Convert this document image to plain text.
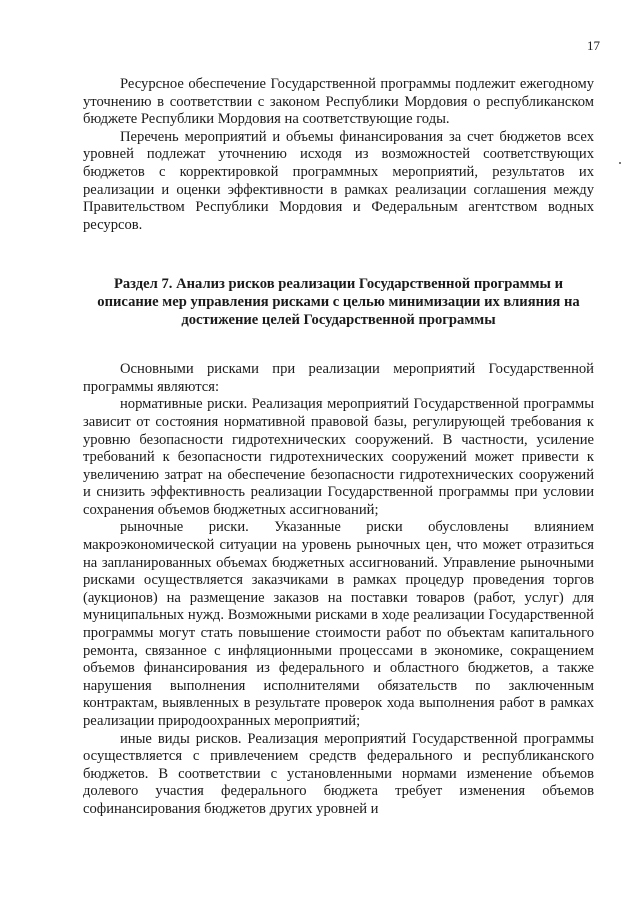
17

Ресурсное обеспечение Государственной программы подлежит ежегодному уточнению в соответствии с законом Республики Мордовия о республиканском бюджете Республики Мордовия на соответствующие годы.

Перечень мероприятий и объемы финансирования за счет бюджетов всех уровней подлежат уточнению исходя из возможностей соответствующих бюджетов с корректировкой программных мероприятий, результатов их реализации и оценки эффективности в рамках реализации соглашения между Правительством Республики Мордовия и Федеральным агентством водных ресурсов.

Раздел 7. Анализ рисков реализации Государственной программы и описание мер управления рисками с целью минимизации их влияния на достижение целей Государственной программы

Основными рисками при реализации мероприятий Государственной программы являются:

нормативные риски. Реализация мероприятий Государственной программы зависит от состояния нормативной правовой базы, регулирующей требования к уровню безопасности гидротехнических сооружений. В частности, усиление требований к безопасности гидротехнических сооружений может привести к увеличению затрат на обеспечение безопасности гидротехнических сооружений и снизить эффективность реализации Государственной программы при условии сохранения объемов бюджетных ассигнований;

рыночные риски. Указанные риски обусловлены влиянием макроэкономической ситуации на уровень рыночных цен, что может отразиться на запланированных объемах бюджетных ассигнований. Управление рыночными рисками осуществляется заказчиками в рамках процедур проведения торгов (аукционов) на размещение заказов на поставки товаров (работ, услуг) для муниципальных нужд. Возможными рисками в ходе реализации Государственной программы могут стать повышение стоимости работ по объектам капитального ремонта, связанное с инфляционными процессами в экономике, сокращением объемов финансирования из федерального и областного бюджетов, а также нарушения выполнения исполнителями обязательств по заключенным контрактам, выявленных в результате проверок хода выполнения работ в рамках реализации природоохранных мероприятий;

иные виды рисков. Реализация мероприятий Государственной программы осуществляется с привлечением средств федерального и республиканского бюджетов. В соответствии с установленными нормами изменение объемов долевого участия федерального бюджета требует изменения объемов софинансирования бюджетов других уровней и
